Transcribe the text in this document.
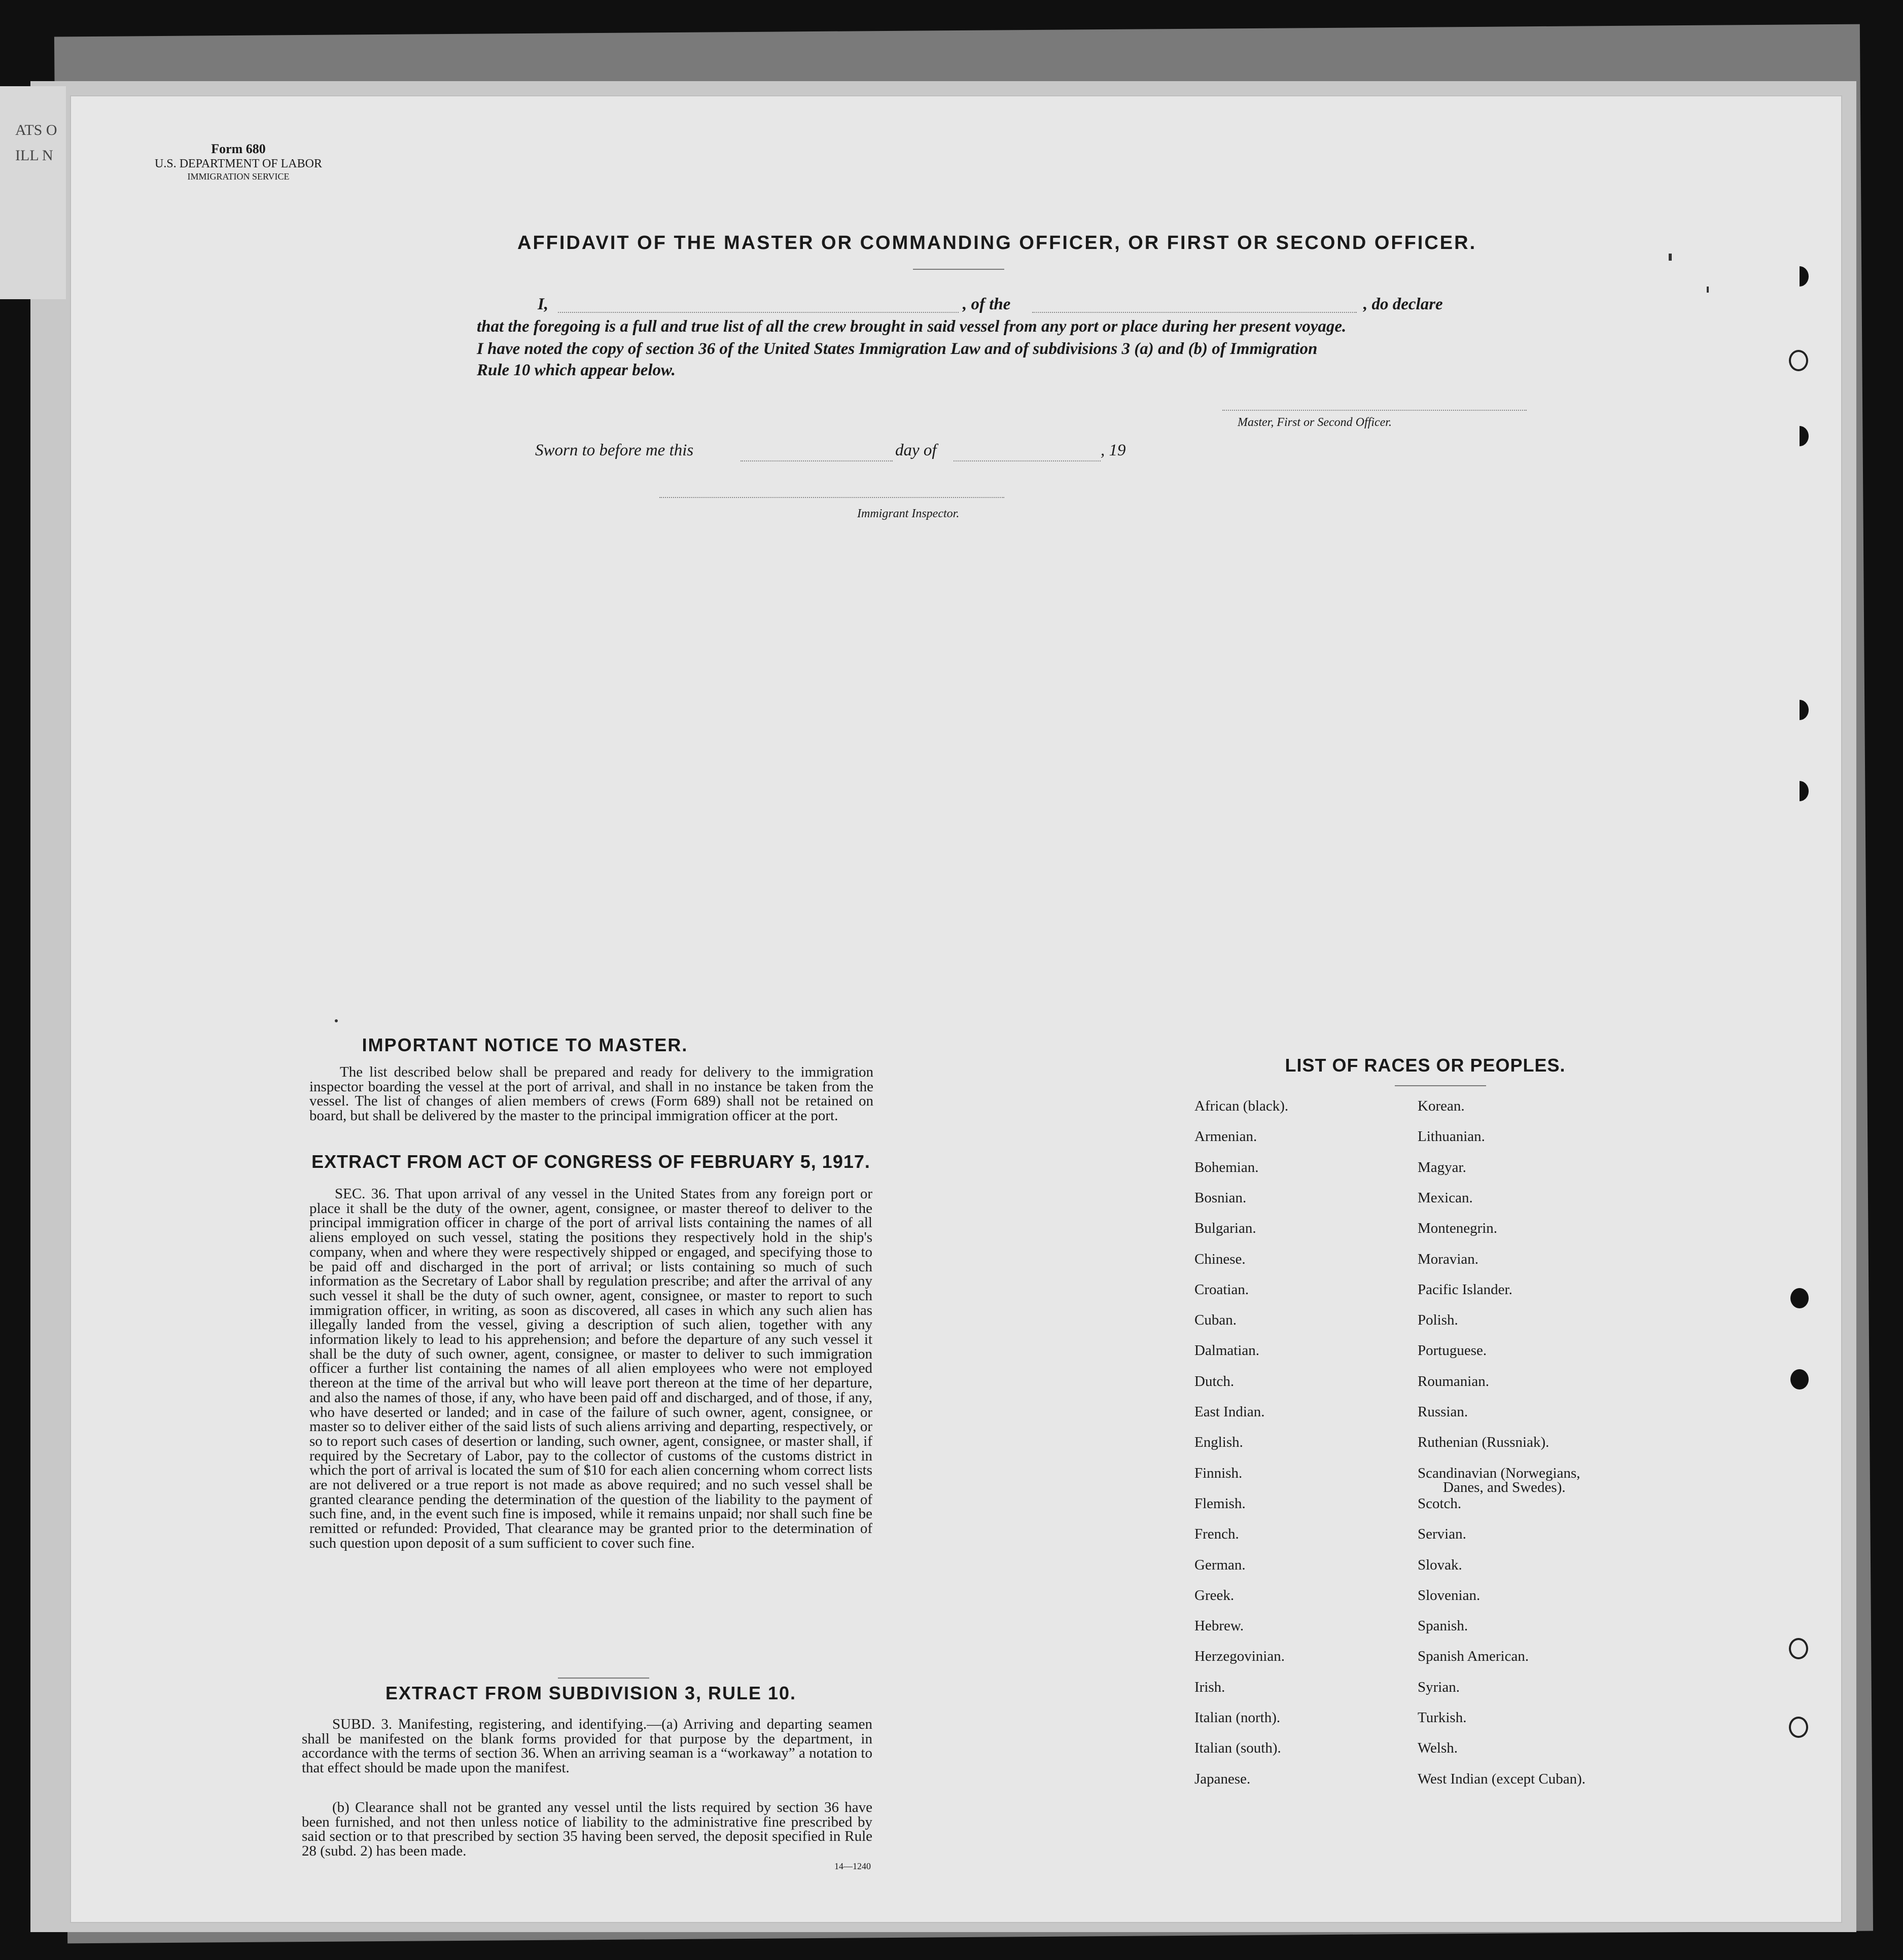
ATS O
ILL N	Form 680
U.S. DEPARTMENT OF LABOR
IMMIGRATION SERVICE
AFFIDAVIT OF THE MASTER OR COMMANDING OFFICER, OR FIRST OR SECOND OFFICER.
I,	, of the	, do declare
that the foregoing is a full and true list of all the crew brought in said vessel from any port or place during her present voyage.
I have noted the copy of section 36 of the United States Immigration Law and of subdivisions 3 (a) and (b) of Immigration
Rule 10 which appear below.
Master, First or Second Officer.
Sworn to before me this	day of	, 19
Immigrant Inspector.
IMPORTANT NOTICE TO MASTER.
The list described below shall be prepared and ready for delivery to the immigration inspector boarding the vessel at the port of arrival, and shall in no instance be taken from the vessel. The list of changes of alien members of crews (Form 689) shall not be retained on board, but shall be delivered by the master to the principal immigration officer at the port.
EXTRACT FROM ACT OF CONGRESS OF FEBRUARY 5, 1917.
SEC. 36. That upon arrival of any vessel in the United States from any foreign port or place it shall be the duty of the owner, agent, consignee, or master thereof to deliver to the principal immigration officer in charge of the port of arrival lists containing the names of all aliens employed on such vessel, stating the positions they respectively hold in the ship's company, when and where they were respectively shipped or engaged, and specifying those to be paid off and discharged in the port of arrival; or lists containing so much of such information as the Secretary of Labor shall by regulation prescribe; and after the arrival of any such vessel it shall be the duty of such owner, agent, consignee, or master to report to such immigration officer, in writing, as soon as discovered, all cases in which any such alien has illegally landed from the vessel, giving a description of such alien, together with any information likely to lead to his apprehension; and before the departure of any such vessel it shall be the duty of such owner, agent, consignee, or master to deliver to such immigration officer a further list containing the names of all alien employees who were not employed thereon at the time of the arrival but who will leave port thereon at the time of her departure, and also the names of those, if any, who have been paid off and discharged, and of those, if any, who have deserted or landed; and in case of the failure of such owner, agent, consignee, or master so to deliver either of the said lists of such aliens arriving and departing, respectively, or so to report such cases of desertion or landing, such owner, agent, consignee, or master shall, if required by the Secretary of Labor, pay to the collector of customs of the customs district in which the port of arrival is located the sum of $10 for each alien concerning whom correct lists are not delivered or a true report is not made as above required; and no such vessel shall be granted clearance pending the determination of the question of the liability to the payment of such fine, and, in the event such fine is imposed, while it remains unpaid; nor shall such fine be remitted or refunded: Provided, That clearance may be granted prior to the determination of such question upon deposit of a sum sufficient to cover such fine.
EXTRACT FROM SUBDIVISION 3, RULE 10.
SUBD. 3. Manifesting, registering, and identifying.—(a) Arriving and departing seamen shall be manifested on the blank forms provided for that purpose by the department, in accordance with the terms of section 36. When an arriving seaman is a “workaway” a notation to that effect should be made upon the manifest.
(b) Clearance shall not be granted any vessel until the lists required by section 36 have been furnished, and not then unless notice of liability to the administrative fine prescribed by said section or to that prescribed by section 35 having been served, the deposit specified in Rule 28 (subd. 2) has been made.
14—1240
LIST OF RACES OR PEOPLES.
African (black).
Armenian.
Bohemian.
Bosnian.
Bulgarian.
Chinese.
Croatian.
Cuban.
Dalmatian.
Dutch.
East Indian.
English.
Finnish.
Flemish.
French.
German.
Greek.
Hebrew.
Herzegovinian.
Irish.
Italian (north).
Italian (south).
Japanese.
Korean.
Lithuanian.
Magyar.
Mexican.
Montenegrin.
Moravian.
Pacific Islander.
Polish.
Portuguese.
Roumanian.
Russian.
Ruthenian (Russniak).
Scandinavian (Norwegians,
Danes, and Swedes).
Scotch.
Servian.
Slovak.
Slovenian.
Spanish.
Spanish American.
Syrian.
Turkish.
Welsh.
West Indian (except Cuban).
